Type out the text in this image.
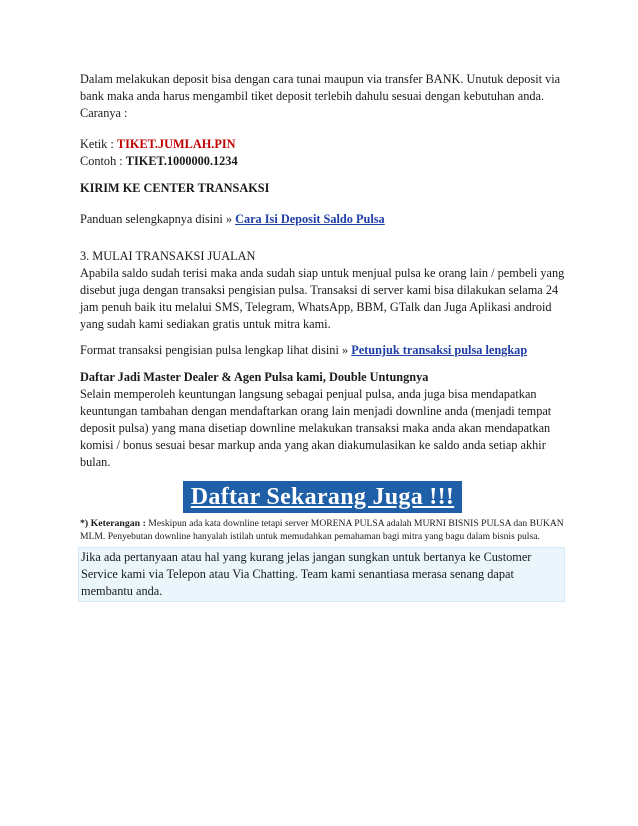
Dalam melakukan deposit bisa dengan cara tunai maupun via transfer BANK. Unutuk deposit via bank maka anda harus mengambil tiket deposit terlebih dahulu sesuai dengan kebutuhan anda. Caranya :

Ketik : TIKET.JUMLAH.PIN

Contoh : TIKET.1000000.1234

KIRIM KE CENTER TRANSAKSI

Panduan selengkapnya disini » Cara Isi Deposit Saldo Pulsa

3. MULAI TRANSAKSI JUALAN

Apabila saldo sudah terisi maka anda sudah siap untuk menjual pulsa ke orang lain / pembeli yang disebut juga dengan transaksi pengisian pulsa. Transaksi di server kami bisa dilakukan selama 24 jam penuh baik itu melalui SMS, Telegram, WhatsApp, BBM, GTalk dan Juga Aplikasi android yang sudah kami sediakan gratis untuk mitra kami.

Format transaksi pengisian pulsa lengkap lihat disini » Petunjuk transaksi pulsa lengkap

Daftar Jadi Master Dealer & Agen Pulsa kami, Double Untungnya

Selain memperoleh keuntungan langsung sebagai penjual pulsa, anda juga bisa mendapatkan keuntungan tambahan dengan mendaftarkan orang lain menjadi downline anda (menjadi tempat deposit pulsa) yang mana disetiap downline melakukan transaksi maka anda akan mendapatkan komisi / bonus sesuai besar markup anda yang akan diakumulasikan ke saldo anda setiap akhir bulan.

Daftar Sekarang Juga !!!

*) Keterangan : Meskipun ada kata downline tetapi server MORENA PULSA adalah MURNI BISNIS PULSA dan BUKAN MLM. Penyebutan downline hanyalah istilah untuk memudahkan pemahaman bagi mitra yang bagu dalam bisnis pulsa.

Jika ada pertanyaan atau hal yang kurang jelas jangan sungkan untuk bertanya ke Customer Service kami via Telepon atau Via Chatting. Team kami senantiasa merasa senang dapat membantu anda.
